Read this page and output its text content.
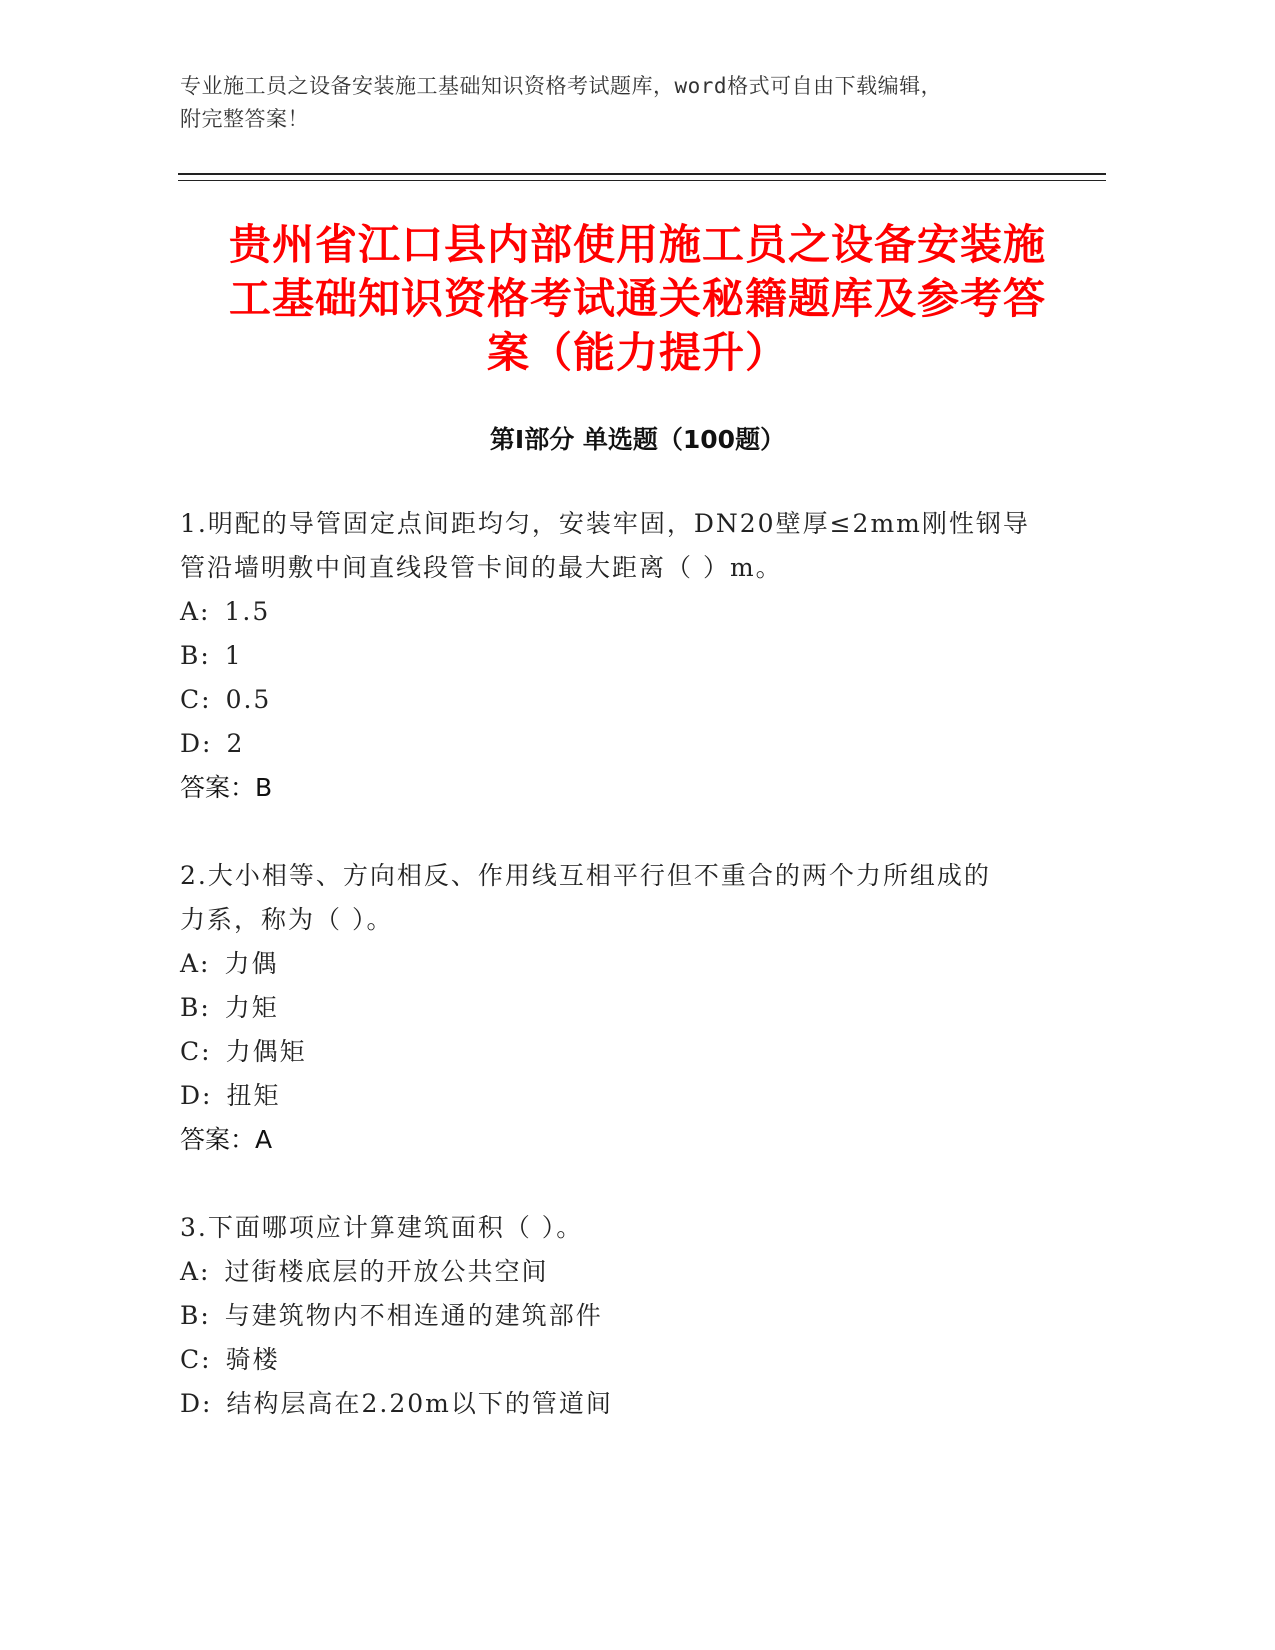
专业施工员之设备安装施工基础知识资格考试题库，word格式可自由下载编辑，
附完整答案！
贵州省江口县内部使用施工员之设备安装施
工基础知识资格考试通关秘籍题库及参考答
案（能力提升）
第Ⅰ部分 单选题（100题）

1.明配的导管固定点间距均匀，安装牢固，DN20壁厚≤2mm刚性钢导

管沿墙明敷中间直线段管卡间的最大距离（ ）m。

A: 1.5

B: 1

C: 0.5

D: 2

答案：B

2.大小相等、方向相反、作用线互相平行但不重合的两个力所组成的

力系，称为（ ）。

A: 力偶

B: 力矩

C: 力偶矩

D: 扭矩

答案：A

3.下面哪项应计算建筑面积（ ）。

A: 过街楼底层的开放公共空间

B: 与建筑物内不相连通的建筑部件

C: 骑楼

D: 结构层高在2.20m以下的管道间
